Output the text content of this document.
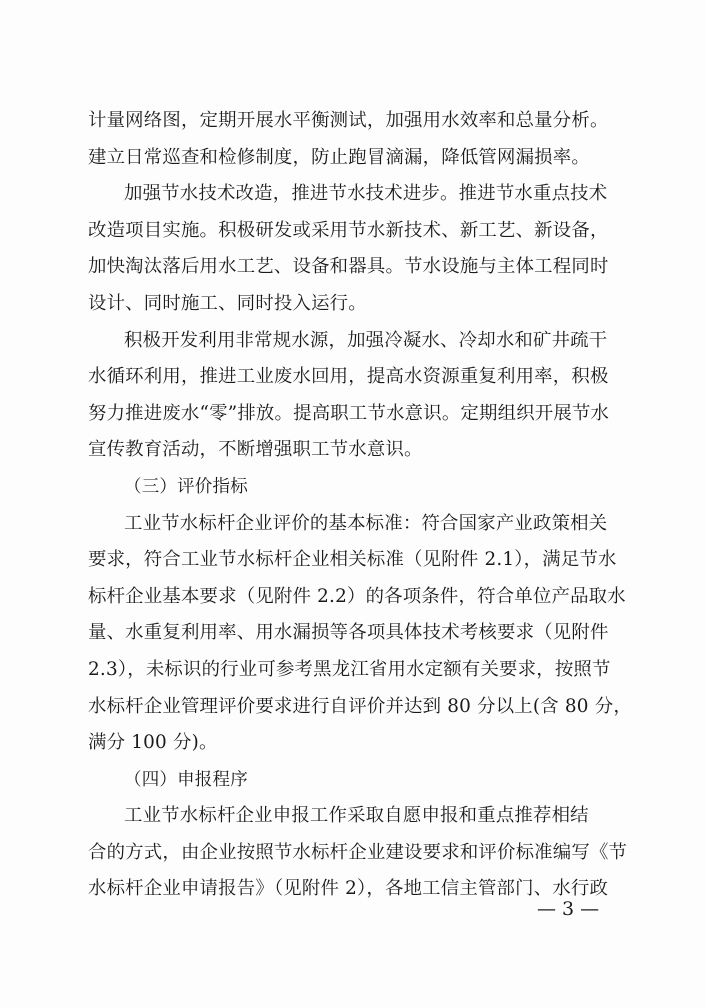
计量网络图，定期开展水平衡测试，加强用水效率和总量分析。
建立日常巡查和检修制度，防止跑冒滴漏，降低管网漏损率。
加强节水技术改造，推进节水技术进步。推进节水重点技术
改造项目实施。积极研发或采用节水新技术、新工艺、新设备，
加快淘汰落后用水工艺、设备和器具。节水设施与主体工程同时
设计、同时施工、同时投入运行。
积极开发利用非常规水源，加强冷凝水、冷却水和矿井疏干
水循环利用，推进工业废水回用，提高水资源重复利用率，积极
努力推进废水“零”排放。提高职工节水意识。定期组织开展节水
宣传教育活动，不断增强职工节水意识。
（三）评价指标
工业节水标杆企业评价的基本标准：符合国家产业政策相关
要求，符合工业节水标杆企业相关标准（见附件 2.1），满足节水
标杆企业基本要求（见附件 2.2）的各项条件，符合单位产品取水
量、水重复利用率、用水漏损等各项具体技术考核要求（见附件
2.3），未标识的行业可参考黑龙江省用水定额有关要求，按照节
水标杆企业管理评价要求进行自评价并达到 80 分以上(含 80 分，
满分 100 分)。
（四）申报程序
工业节水标杆企业申报工作采取自愿申报和重点推荐相结
合的方式，由企业按照节水标杆企业建设要求和评价标准编写《节
水标杆企业申请报告》（见附件 2），各地工信主管部门、水行政
— 3 —
